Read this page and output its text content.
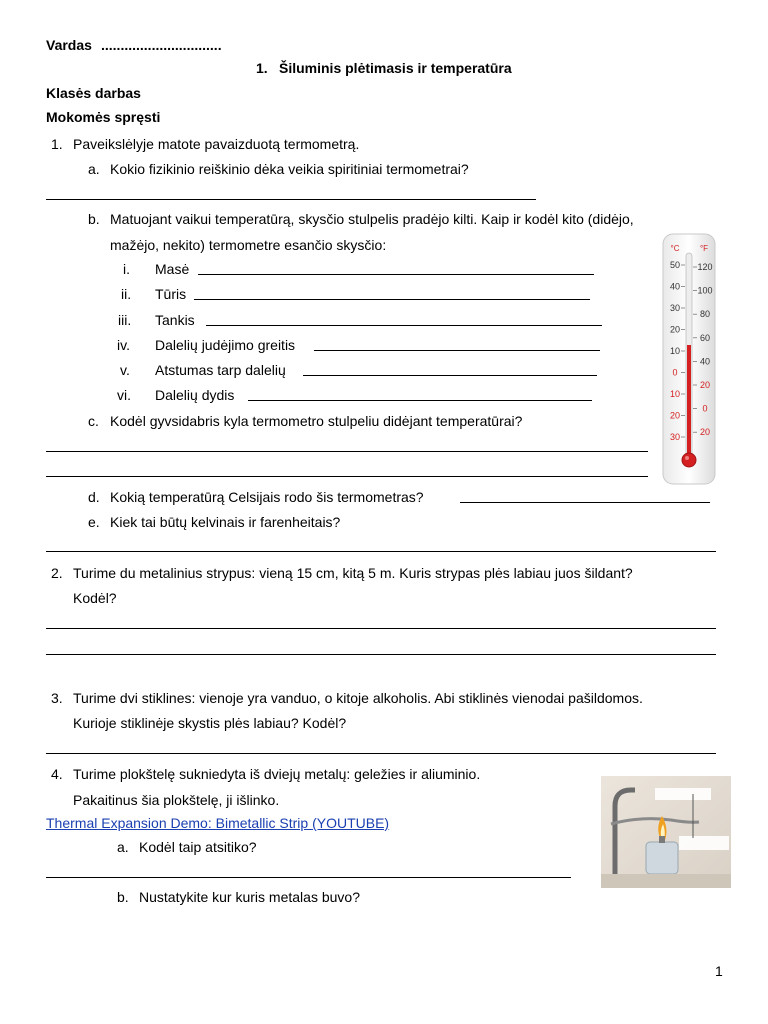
Vardas ...............................
1. Šiluminis plėtimasis ir temperatūra
Klasės darbas
Mokomės spręsti
1. Paveikslėlyje matote pavaizduotą termometrą.
a. Kokio fizikinio reiškinio dėka veikia spiritiniai termometrai?
b. Matuojant vaikui temperatūrą, skysčio stulpelis pradėjo kilti. Kaip ir kodėl kito (didėjo,
mažėjo, nekito) termometre esančio skysčio:
i. Masė
ii. Tūris
iii. Tankis
iv. Dalelių judėjimo greitis
v. Atstumas tarp dalelių
vi. Dalelių dydis
c. Kodėl gyvsidabris kyla termometro stulpeliu didėjant temperatūrai?
d. Kokią temperatūrą Celsijais rodo šis termometras?
e. Kiek tai būtų kelvinais ir farenheitais?
°C	°F
50
40
30
20
10
0
10
20
30
120
100
80
60
40
20
0
20
2. Turime du metalinius strypus: vieną 15 cm, kitą 5 m. Kuris strypas plės labiau juos šildant?
Kodėl?
3. Turime dvi stiklines: vienoje yra vanduo, o kitoje alkoholis. Abi stiklinės vienodai pašildomos.
Kurioje stiklinėje skystis plės labiau? Kodėl?
4. Turime plokštelę sukniedyta iš dviejų metalų: geležies ir aliuminio.
Pakaitinus šia plokštelę, ji išlinko.
Thermal Expansion Demo: Bimetallic Strip (YOUTUBE)
a. Kodėl taip atsitiko?
b. Nustatykite kur kuris metalas buvo?
1
